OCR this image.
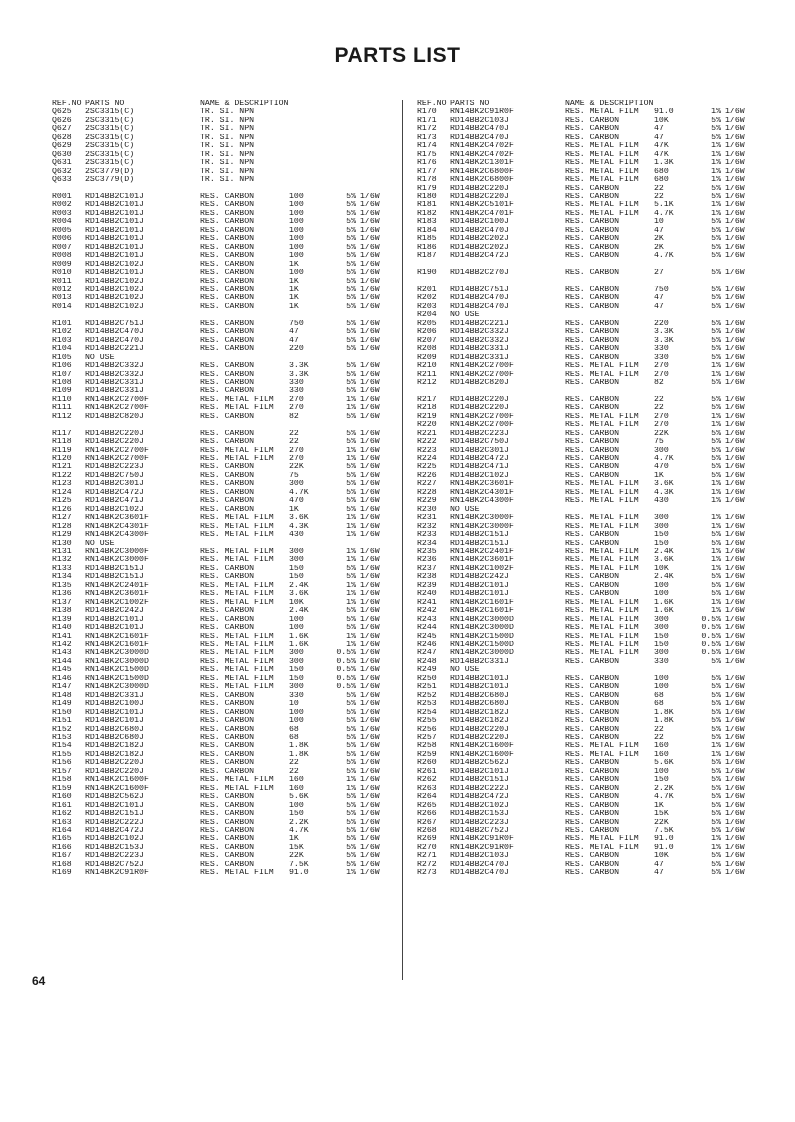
PARTS LIST
REF.NO PARTS NO	NAME & DESCRIPTION
Q625	2SC3315(C)	TR. SI. NPN
Q626	2SC3315(C)	TR. SI. NPN
Q627	2SC3315(C)	TR. SI. NPN
Q628	2SC3315(C)	TR. SI. NPN
Q629	2SC3315(C)	TR. SI. NPN
Q630	2SC3315(C)	TR. SI. NPN
Q631	2SC3315(C)	TR. SI. NPN
Q632	2SC3779(D)	TR. SI. NPN
Q633	2SC3779(D)	TR. SI. NPN
R001	RD14BB2C101J	RES. CARBON	100	5% 1/6W
R002	RD14BB2C101J	RES. CARBON	100	5% 1/6W
R003	RD14BB2C101J	RES. CARBON	100	5% 1/6W
R004	RD14BB2C101J	RES. CARBON	100	5% 1/6W
R005	RD14BB2C101J	RES. CARBON	100	5% 1/6W
R006	RD14BB2C101J	RES. CARBON	100	5% 1/6W
R007	RD14BB2C101J	RES. CARBON	100	5% 1/6W
R008	RD14BB2C101J	RES. CARBON	100	5% 1/6W
R009	RD14BB2C102J	RES. CARBON	1K	5% 1/6W
R010	RD14BB2C101J	RES. CARBON	100	5% 1/6W
R011	RD14BB2C102J	RES. CARBON	1K	5% 1/6W
R012	RD14BB2C102J	RES. CARBON	1K	5% 1/6W
R013	RD14BB2C102J	RES. CARBON	1K	5% 1/6W
R014	RD14BB2C102J	RES. CARBON	1K	5% 1/6W
R101	RD14BB2C751J	RES. CARBON	750	5% 1/6W
R102	RD14BB2C470J	RES. CARBON	47	5% 1/6W
R103	RD14BB2C470J	RES. CARBON	47	5% 1/6W
R104	RD14BB2C221J	RES. CARBON	220	5% 1/6W
R105	NO USE
R106	RD14BB2C332J	RES. CARBON	3.3K	5% 1/6W
R107	RD14BB2C332J	RES. CARBON	3.3K	5% 1/6W
R108	RD14BB2C331J	RES. CARBON	330	5% 1/6W
R109	RD14BB2C331J	RES. CARBON	330	5% 1/6W
R110	RN14BK2C2700F	RES. METAL FILM	270	1% 1/6W
R111	RN14BK2C2700F	RES. METAL FILM	270	1% 1/6W
R112	RD14BB2C820J	RES. CARBON	82	5% 1/6W
R117	RD14BB2C220J	RES. CARBON	22	5% 1/6W
R118	RD14BB2C220J	RES. CARBON	22	5% 1/6W
R119	RN14BK2C2700F	RES. METAL FILM	270	1% 1/6W
R120	RN14BK2C2700F	RES. METAL FILM	270	1% 1/6W
R121	RD14BB2C223J	RES. CARBON	22K	5% 1/6W
R122	RD14BB2C750J	RES. CARBON	75	5% 1/6W
R123	RD14BB2C301J	RES. CARBON	300	5% 1/6W
R124	RD14BB2C472J	RES. CARBON	4.7K	5% 1/6W
R125	RD14BB2C471J	RES. CARBON	470	5% 1/6W
R126	RD14BB2C102J	RES. CARBON	1K	5% 1/6W
R127	RN14BK2C3601F	RES. METAL FILM	3.6K	1% 1/6W
R128	RN14BK2C4301F	RES. METAL FILM	4.3K	1% 1/6W
R129	RN14BK2C4300F	RES. METAL FILM	430	1% 1/6W
R130	NO USE
R131	RN14BK2C3000F	RES. METAL FILM	300	1% 1/6W
R132	RN14BK2C3000F	RES. METAL FILM	300	1% 1/6W
R133	RD14BB2C151J	RES. CARBON	150	5% 1/6W
R134	RD14BB2C151J	RES. CARBON	150	5% 1/6W
R135	RN14BK2C2401F	RES. METAL FILM	2.4K	1% 1/6W
R136	RN14BK2C3601F	RES. METAL FILM	3.6K	1% 1/6W
R137	RN14BK2C1002F	RES. METAL FILM	10K	1% 1/6W
R138	RD14BB2C242J	RES. CARBON	2.4K	5% 1/6W
R139	RD14BB2C101J	RES. CARBON	100	5% 1/6W
R140	RD14BB2C101J	RES. CARBON	100	5% 1/6W
R141	RN14BK2C1601F	RES. METAL FILM	1.6K	1% 1/6W
R142	RN14BK2C1601F	RES. METAL FILM	1.6K	1% 1/6W
R143	RN14BK2C3000D	RES. METAL FILM	300	0.5% 1/6W
R144	RN14BK2C3000D	RES. METAL FILM	300	0.5% 1/6W
R145	RN14BK2C1500D	RES. METAL FILM	150	0.5% 1/6W
R146	RN14BK2C1500D	RES. METAL FILM	150	0.5% 1/6W
R147	RN14BK2C3000D	RES. METAL FILM	300	0.5% 1/6W
R148	RD14BB2C331J	RES. CARBON	330	5% 1/6W
R149	RD14BB2C100J	RES. CARBON	10	5% 1/6W
R150	RD14BB2C101J	RES. CARBON	100	5% 1/6W
R151	RD14BB2C101J	RES. CARBON	100	5% 1/6W
R152	RD14BB2C680J	RES. CARBON	68	5% 1/6W
R153	RD14BB2C680J	RES. CARBON	68	5% 1/6W
R154	RD14BB2C182J	RES. CARBON	1.8K	5% 1/6W
R155	RD14BB2C182J	RES. CARBON	1.8K	5% 1/6W
R156	RD14BB2C220J	RES. CARBON	22	5% 1/6W
R157	RD14BB2C220J	RES. CARBON	22	5% 1/6W
R158	RN14BK2C1600F	RES. METAL FILM	160	1% 1/6W
R159	RN14BK2C1600F	RES. METAL FILM	160	1% 1/6W
R160	RD14BB2C562J	RES. CARBON	5.6K	5% 1/6W
R161	RD14BB2C101J	RES. CARBON	100	5% 1/6W
R162	RD14BB2C151J	RES. CARBON	150	5% 1/6W
R163	RD14BB2C222J	RES. CARBON	2.2K	5% 1/6W
R164	RD14BB2C472J	RES. CARBON	4.7K	5% 1/6W
R165	RD14BB2C102J	RES. CARBON	1K	5% 1/6W
R166	RD14BB2C153J	RES. CARBON	15K	5% 1/6W
R167	RD14BB2C223J	RES. CARBON	22K	5% 1/6W
R168	RD14BB2C752J	RES. CARBON	7.5K	5% 1/6W
R169	RN14BK2C91R0F	RES. METAL FILM	91.0	1% 1/6W
REF.NO PARTS NO	NAME & DESCRIPTION
R170	RN14BK2C91R0F	RES. METAL FILM	91.0	1% 1/6W
R171	RD14BB2C103J	RES. CARBON	10K	5% 1/6W
R172	RD14BB2C470J	RES. CARBON	47	5% 1/6W
R173	RD14BB2C470J	RES. CARBON	47	5% 1/6W
R174	RN14BK2C4702F	RES. METAL FILM	47K	1% 1/6W
R175	RN14BK2C4702F	RES. METAL FILM	47K	1% 1/6W
R176	RN14BK2C1301F	RES. METAL FILM	1.3K	1% 1/6W
R177	RN14BK2C6800F	RES. METAL FILM	680	1% 1/6W
R178	RN14BK2C6800F	RES. METAL FILM	680	1% 1/6W
R179	RD14BB2C220J	RES. CARBON	22	5% 1/6W
R180	RD14BB2C220J	RES. CARBON	22	5% 1/6W
R181	RN14BK2C5101F	RES. METAL FILM	5.1K	1% 1/6W
R182	RN14BK2C4701F	RES. METAL FILM	4.7K	1% 1/6W
R183	RD14BB2C100J	RES. CARBON	10	5% 1/6W
R184	RD14BB2C470J	RES. CARBON	47	5% 1/6W
R185	RD14BB2C202J	RES. CARBON	2K	5% 1/6W
R186	RD14BB2C202J	RES. CARBON	2K	5% 1/6W
R187	RD14BB2C472J	RES. CARBON	4.7K	5% 1/6W
R190	RD14BB2C270J	RES. CARBON	27	5% 1/6W
R201	RD14BB2C751J	RES. CARBON	750	5% 1/6W
R202	RD14BB2C470J	RES. CARBON	47	5% 1/6W
R203	RD14BB2C470J	RES. CARBON	47	5% 1/6W
R204	NO USE
R205	RD14BB2C221J	RES. CARBON	220	5% 1/6W
R206	RD14BB2C332J	RES. CARBON	3.3K	5% 1/6W
R207	RD14BB2C332J	RES. CARBON	3.3K	5% 1/6W
R208	RD14BB2C331J	RES. CARBON	330	5% 1/6W
R209	RD14BB2C331J	RES. CARBON	330	5% 1/6W
R210	RN14BK2C2700F	RES. METAL FILM	270	1% 1/6W
R211	RN14BK2C2700F	RES. METAL FILM	270	1% 1/6W
R212	RD14BB2C820J	RES. CARBON	82	5% 1/6W
R217	RD14BB2C220J	RES. CARBON	22	5% 1/6W
R218	RD14BB2C220J	RES. CARBON	22	5% 1/6W
R219	RN14BK2C2700F	RES. METAL FILM	270	1% 1/6W
R220	RN14BK2C2700F	RES. METAL FILM	270	1% 1/6W
R221	RD14BB2C223J	RES. CARBON	22K	5% 1/6W
R222	RD14BB2C750J	RES. CARBON	75	5% 1/6W
R223	RD14BB2C301J	RES. CARBON	300	5% 1/6W
R224	RD14BB2C472J	RES. CARBON	4.7K	5% 1/6W
R225	RD14BB2C471J	RES. CARBON	470	5% 1/6W
R226	RD14BB2C102J	RES. CARBON	1K	5% 1/6W
R227	RN14BK2C3601F	RES. METAL FILM	3.6K	1% 1/6W
R228	RN14BK2C4301F	RES. METAL FILM	4.3K	1% 1/6W
R229	RN14BK2C4300F	RES. METAL FILM	430	1% 1/6W
R230	NO USE
R231	RN14BK2C3000F	RES. METAL FILM	300	1% 1/6W
R232	RN14BK2C3000F	RES. METAL FILM	300	1% 1/6W
R233	RD14BB2C151J	RES. CARBON	150	5% 1/6W
R234	RD14BB2C151J	RES. CARBON	150	5% 1/6W
R235	RN14BK2C2401F	RES. METAL FILM	2.4K	1% 1/6W
R236	RN14BK2C3601F	RES. METAL FILM	3.6K	1% 1/6W
R237	RN14BK2C1002F	RES. METAL FILM	10K	1% 1/6W
R238	RD14BB2C242J	RES. CARBON	2.4K	5% 1/6W
R239	RD14BB2C101J	RES. CARBON	100	5% 1/6W
R240	RD14BB2C101J	RES. CARBON	100	5% 1/6W
R241	RN14BK2C1601F	RES. METAL FILM	1.6K	1% 1/6W
R242	RN14BK2C1601F	RES. METAL FILM	1.6K	1% 1/6W
R243	RN14BK2C3000D	RES. METAL FILM	300	0.5% 1/6W
R244	RN14BK2C3000D	RES. METAL FILM	300	0.5% 1/6W
R245	RN14BK2C1500D	RES. METAL FILM	150	0.5% 1/6W
R246	RN14BK2C1500D	RES. METAL FILM	150	0.5% 1/6W
R247	RN14BK2C3000D	RES. METAL FILM	300	0.5% 1/6W
R248	RD14BB2C331J	RES. CARBON	330	5% 1/6W
R249	NO USE
R250	RD14BB2C101J	RES. CARBON	100	5% 1/6W
R251	RD14BB2C101J	RES. CARBON	100	5% 1/6W
R252	RD14BB2C680J	RES. CARBON	68	5% 1/6W
R253	RD14BB2C680J	RES. CARBON	68	5% 1/6W
R254	RD14BB2C182J	RES. CARBON	1.8K	5% 1/6W
R255	RD14BB2C182J	RES. CARBON	1.8K	5% 1/6W
R256	RD14BB2C220J	RES. CARBON	22	5% 1/6W
R257	RD14BB2C220J	RES. CARBON	22	5% 1/6W
R258	RN14BK2C1600F	RES. METAL FILM	160	1% 1/6W
R259	RN14BK2C1600F	RES. METAL FILM	160	1% 1/6W
R260	RD14BB2C562J	RES. CARBON	5.6K	5% 1/6W
R261	RD14BB2C101J	RES. CARBON	100	5% 1/6W
R262	RD14BB2C151J	RES. CARBON	150	5% 1/6W
R263	RD14BB2C222J	RES. CARBON	2.2K	5% 1/6W
R264	RD14BB2C472J	RES. CARBON	4.7K	5% 1/6W
R265	RD14BB2C102J	RES. CARBON	1K	5% 1/6W
R266	RD14BB2C153J	RES. CARBON	15K	5% 1/6W
R267	RD14BB2C223J	RES. CARBON	22K	5% 1/6W
R268	RD14BB2C752J	RES. CARBON	7.5K	5% 1/6W
R269	RN14BK2C91R0F	RES. METAL FILM	91.0	1% 1/6W
R270	RN14BK2C91R0F	RES. METAL FILM	91.0	1% 1/6W
R271	RD14BB2C103J	RES. CARBON	10K	5% 1/6W
R272	RD14BB2C470J	RES. CARBON	47	5% 1/6W
R273	RD14BB2C470J	RES. CARBON	47	5% 1/6W
64
